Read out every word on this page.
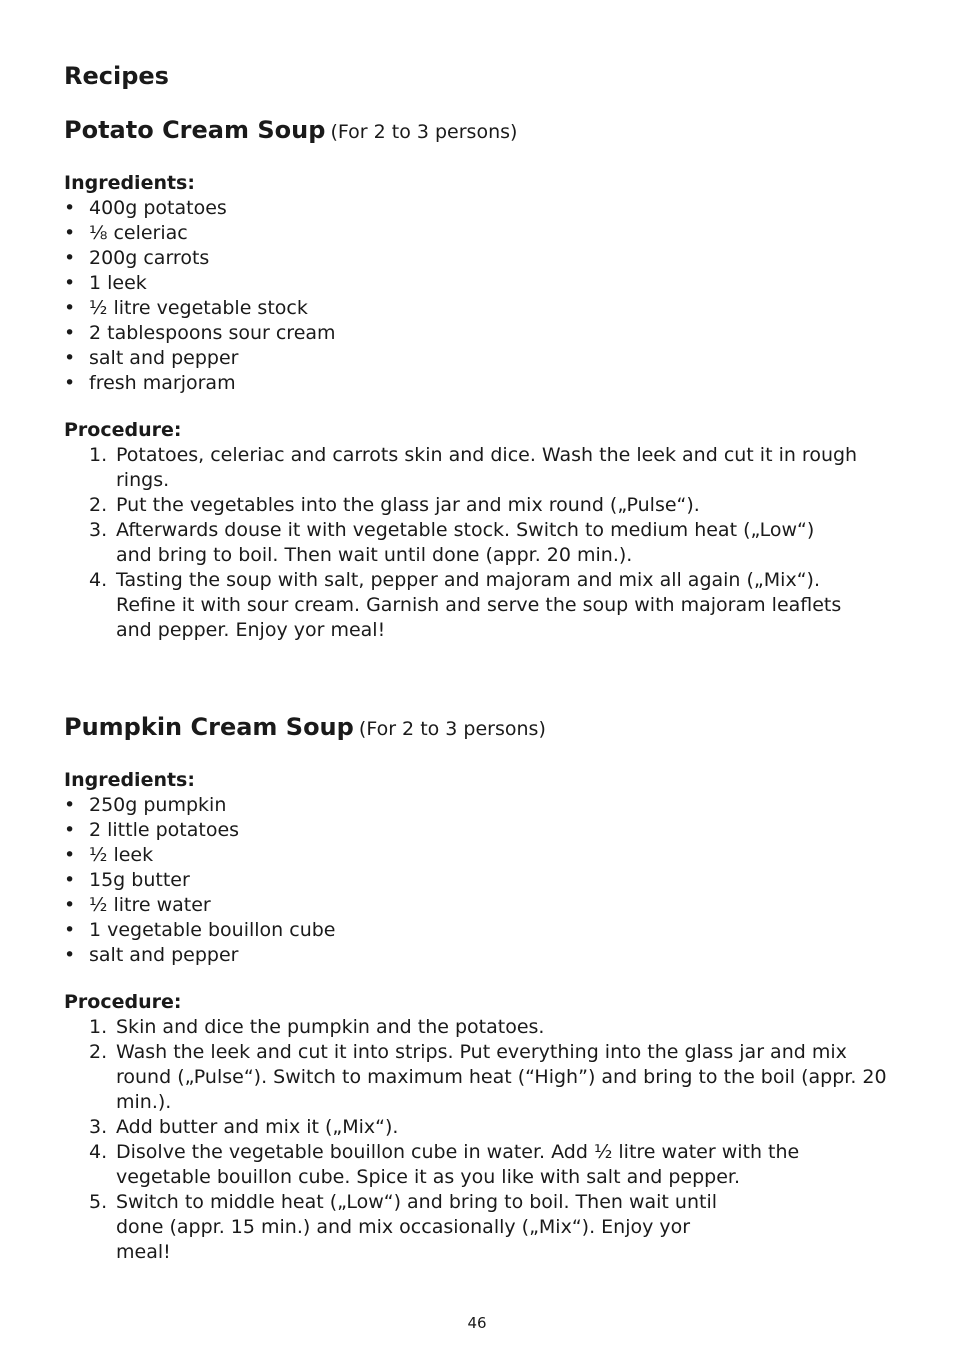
Recipes
Potato Cream Soup (For 2 to 3 persons)
Ingredients:
• 400g potatoes
• ⅛ celeriac
• 200g carrots
• 1 leek
• ½ litre vegetable stock
• 2 tablespoons sour cream
• salt and pepper
• fresh marjoram
Procedure:
1. Potatoes, celeriac and carrots skin and dice. Wash the leek and cut it in rough rings.
2. Put the vegetables into the glass jar and mix round („Pulse“).
3. Afterwards douse it with vegetable stock. Switch to medium heat („Low“) and bring to boil. Then wait until done (appr. 20 min.).
4. Tasting the soup with salt, pepper and majoram and mix all again („Mix“). Refine it with sour cream. Garnish and serve the soup with majoram leaflets and pepper. Enjoy yor meal!
Pumpkin Cream Soup (For 2 to 3 persons)
Ingredients:
• 250g pumpkin
• 2 little potatoes
• ½ leek
• 15g butter
• ½ litre water
• 1 vegetable bouillon cube
• salt and pepper
Procedure:
1. Skin and dice the pumpkin and the potatoes.
2. Wash the leek and cut it into strips. Put everything into the glass jar and mix round („Pulse“). Switch to maximum heat (“High”) and bring to the boil (appr. 20 min.).
3. Add butter and mix it („Mix“).
4. Disolve the vegetable bouillon cube in water. Add ½ litre water with the vegetable bouillon cube. Spice it as you like with salt and pepper.
5. Switch to middle heat („Low“) and bring to boil. Then wait until done (appr. 15 min.) and mix occasionally („Mix“). Enjoy yor meal!
46
